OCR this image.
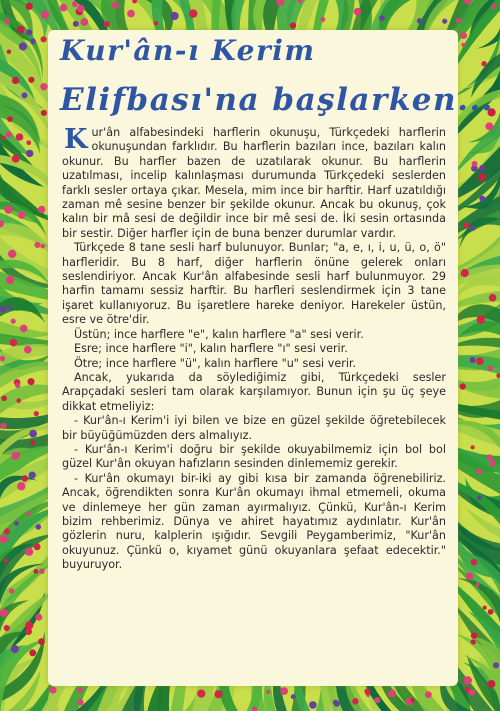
Kur'ân-ı Kerim
Elifbası'na başlarken...

Kur'ân alfabesindeki harflerin okunuşu, Türkçedeki harflerin okunuşundan farklıdır. Bu harflerin bazıları ince, bazıları kalın okunur. Bu harfler bazen de uzatılarak okunur. Bu harflerin uzatılması, incelip kalınlaşması durumunda Türkçedeki seslerden farklı sesler ortaya çıkar. Mesela, mim ince bir harftir. Harf uzatıldığı zaman mê sesine benzer bir şekilde okunur. Ancak bu okunuş, çok kalın bir mâ sesi de değildir ince bir mê sesi de. İki sesin ortasında bir sestir. Diğer harfler için de buna benzer durumlar vardır.

Türkçede 8 tane sesli harf bulunuyor. Bunlar; "a, e, ı, i, u, ü, o, ö" harfleridir. Bu 8 harf, diğer harflerin önüne gelerek onları seslendiriyor. Ancak Kur'ân alfabesinde sesli harf bulunmuyor. 29 harfin tamamı sessiz harftir. Bu harfleri seslendirmek için 3 tane işaret kullanıyoruz. Bu işaretlere hareke deniyor. Harekeler üstün, esre ve ötre'dir.

Üstün; ince harflere "e", kalın harflere "a" sesi verir.

Esre; ince harflere "i", kalın harflere "ı" sesi verir.

Ötre; ince harflere "ü", kalın harflere "u" sesi verir.

Ancak, yukarıda da söylediğimiz gibi, Türkçedeki sesler Arapçadaki sesleri tam olarak karşılamıyor. Bunun için şu üç şeye dikkat etmeliyiz:

- Kur'ân-ı Kerim'i iyi bilen ve bize en güzel şekilde öğretebilecek bir büyüğümüzden ders almalıyız.

- Kur'ân-ı Kerim'i doğru bir şekilde okuyabilmemiz için bol bol güzel Kur'ân okuyan hafızların sesinden dinlememiz gerekir.

- Kur'ân okumayı bir-iki ay gibi kısa bir zamanda öğrenebiliriz. Ancak, öğrendikten sonra Kur'ân okumayı ihmal etmemeli, okuma ve dinlemeye her gün zaman ayırmalıyız. Çünkü, Kur'ân-ı Kerim bizim rehberimiz. Dünya ve ahiret hayatımız aydınlatır. Kur'ân gözlerin nuru, kalplerin ışığıdır. Sevgili Peygamberimiz, "Kur'ân okuyunuz. Çünkü o, kıyamet günü okuyanlara şefaat edecektir." buyuruyor.
